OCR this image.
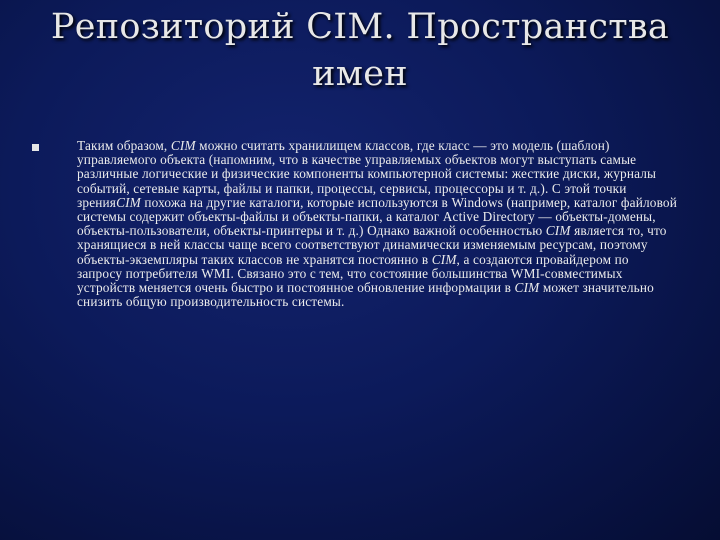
Репозиторий CIM. Пространства
имен
Таким образом, CIM можно считать хранилищем классов, где класс — это модель (шаблон) управляемого объекта (напомним, что в качестве управляемых объектов могут выступать самые различные логические и физические компоненты компьютерной системы: жесткие диски, журналы событий, сетевые карты, файлы и папки, процессы, сервисы, процессоры и т. д.). С этой точки зренияCIM похожа на другие каталоги, которые используются в Windows (например, каталог файловой системы содержит объекты-файлы и объекты-папки, а каталог Active Directory — объекты-домены, объекты-пользователи, объекты-принтеры и т. д.) Однако важной особенностью CIM является то, что хранящиеся в ней классы чаще всего соответствуют динамически изменяемым ресурсам, поэтому объекты-экземпляры таких классов не хранятся постоянно в CIM, а создаются провайдером по запросу потребителя WMI. Связано это с тем, что состояние большинства WMI-совместимых устройств меняется очень быстро и постоянное обновление информации в CIM может значительно снизить общую производительность системы.
